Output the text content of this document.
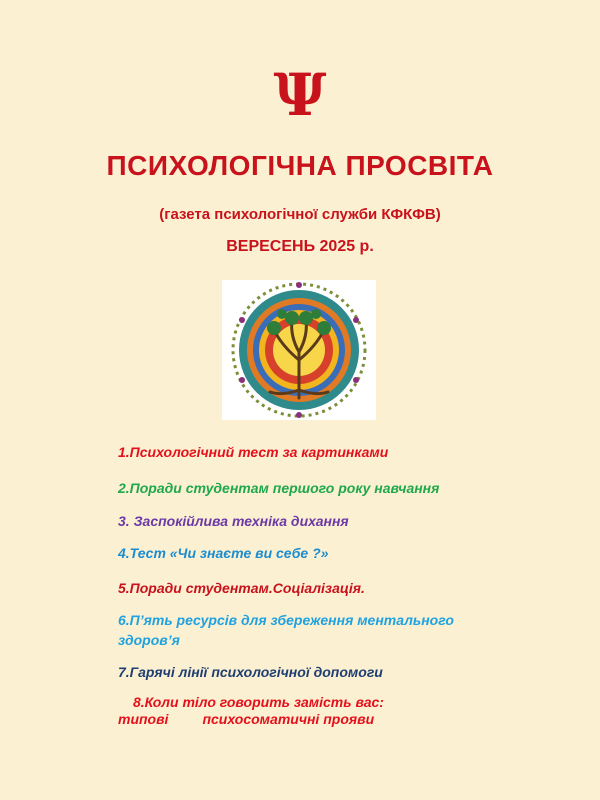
Ψ
ПСИХОЛОГІЧНА ПРОСВІТА
(газета психологічної служби КФКФВ)
ВЕРЕСЕНЬ 2025 р.
1.Психологічний тест за картинками
2.Поради студентам першого року навчання
3. Заспокійлива техніка дихання
4.Тест «Чи знаєте ви себе ?»
5.Поради студентам.Соціалізація.
6.П’ять ресурсів для збереження ментального
здоров’я
7.Гарячі лінії психологічної допомоги
8.Коли тіло говорить замість вас:
типові психосоматичні прояви
